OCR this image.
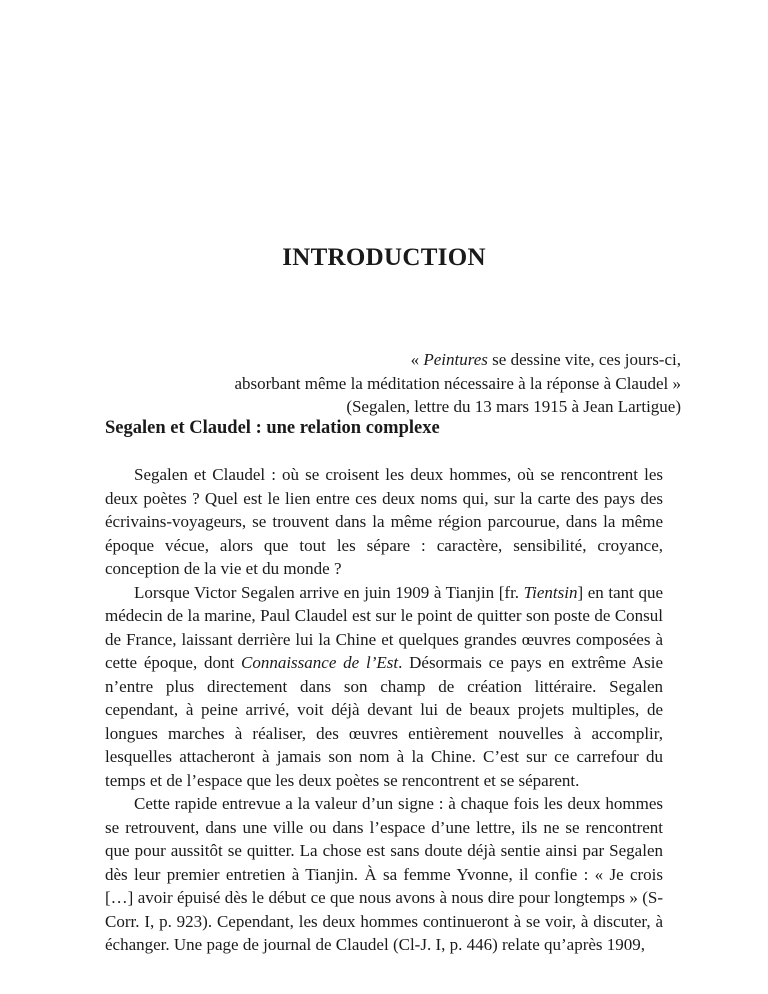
INTRODUCTION
« Peintures se dessine vite, ces jours-ci,
absorbant même la méditation nécessaire à la réponse à Claudel »
(Segalen, lettre du 13 mars 1915 à Jean Lartigue)
Segalen et Claudel : une relation complexe

Segalen et Claudel : où se croisent les deux hommes, où se rencontrent les deux poètes ? Quel est le lien entre ces deux noms qui, sur la carte des pays des écrivains-voyageurs, se trouvent dans la même région parcourue, dans la même époque vécue, alors que tout les sépare : caractère, sensibilité, croyance, conception de la vie et du monde ?

Lorsque Victor Segalen arrive en juin 1909 à Tianjin [fr. Tientsin] en tant que médecin de la marine, Paul Claudel est sur le point de quitter son poste de Consul de France, laissant derrière lui la Chine et quelques grandes œuvres composées à cette époque, dont Connaissance de l’Est. Désormais ce pays en extrême Asie n’entre plus directement dans son champ de création littéraire. Segalen cependant, à peine arrivé, voit déjà devant lui de beaux projets multiples, de longues marches à réaliser, des œuvres entièrement nouvelles à accomplir, lesquelles attacheront à jamais son nom à la Chine. C’est sur ce carrefour du temps et de l’espace que les deux poètes se rencontrent et se séparent.

Cette rapide entrevue a la valeur d’un signe : à chaque fois les deux hommes se retrouvent, dans une ville ou dans l’espace d’une lettre, ils ne se rencontrent que pour aussitôt se quitter. La chose est sans doute déjà sentie ainsi par Segalen dès leur premier entretien à Tianjin. À sa femme Yvonne, il confie : « Je crois […] avoir épuisé dès le début ce que nous avons à nous dire pour longtemps » (S-Corr. I, p. 923). Cependant, les deux hommes continueront à se voir, à discuter, à échanger. Une page de journal de Claudel (Cl-J. I, p. 446) relate qu’après 1909,
